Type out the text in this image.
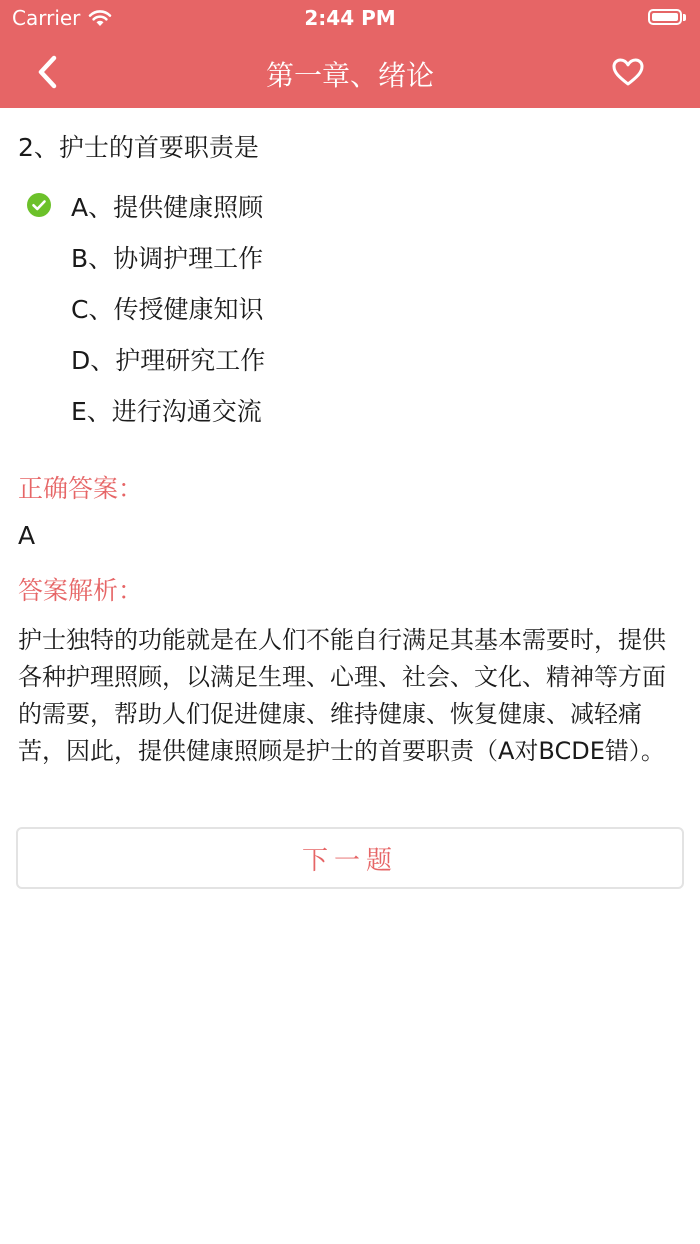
Carrier	2:44 PM
第一章、绪论
2、护士的首要职责是
A、提供健康照顾
B、协调护理工作
C、传授健康知识
D、护理研究工作
E、进行沟通交流
正确答案：
A
答案解析：
护士独特的功能就是在人们不能自行满足其基本需要时，提供各种护理照顾，以满足生理、心理、社会、文化、精神等方面的需要，帮助人们促进健康、维持健康、恢复健康、减轻痛苦，因此，提供健康照顾是护士的首要职责（A对BCDE错）。
下一题
